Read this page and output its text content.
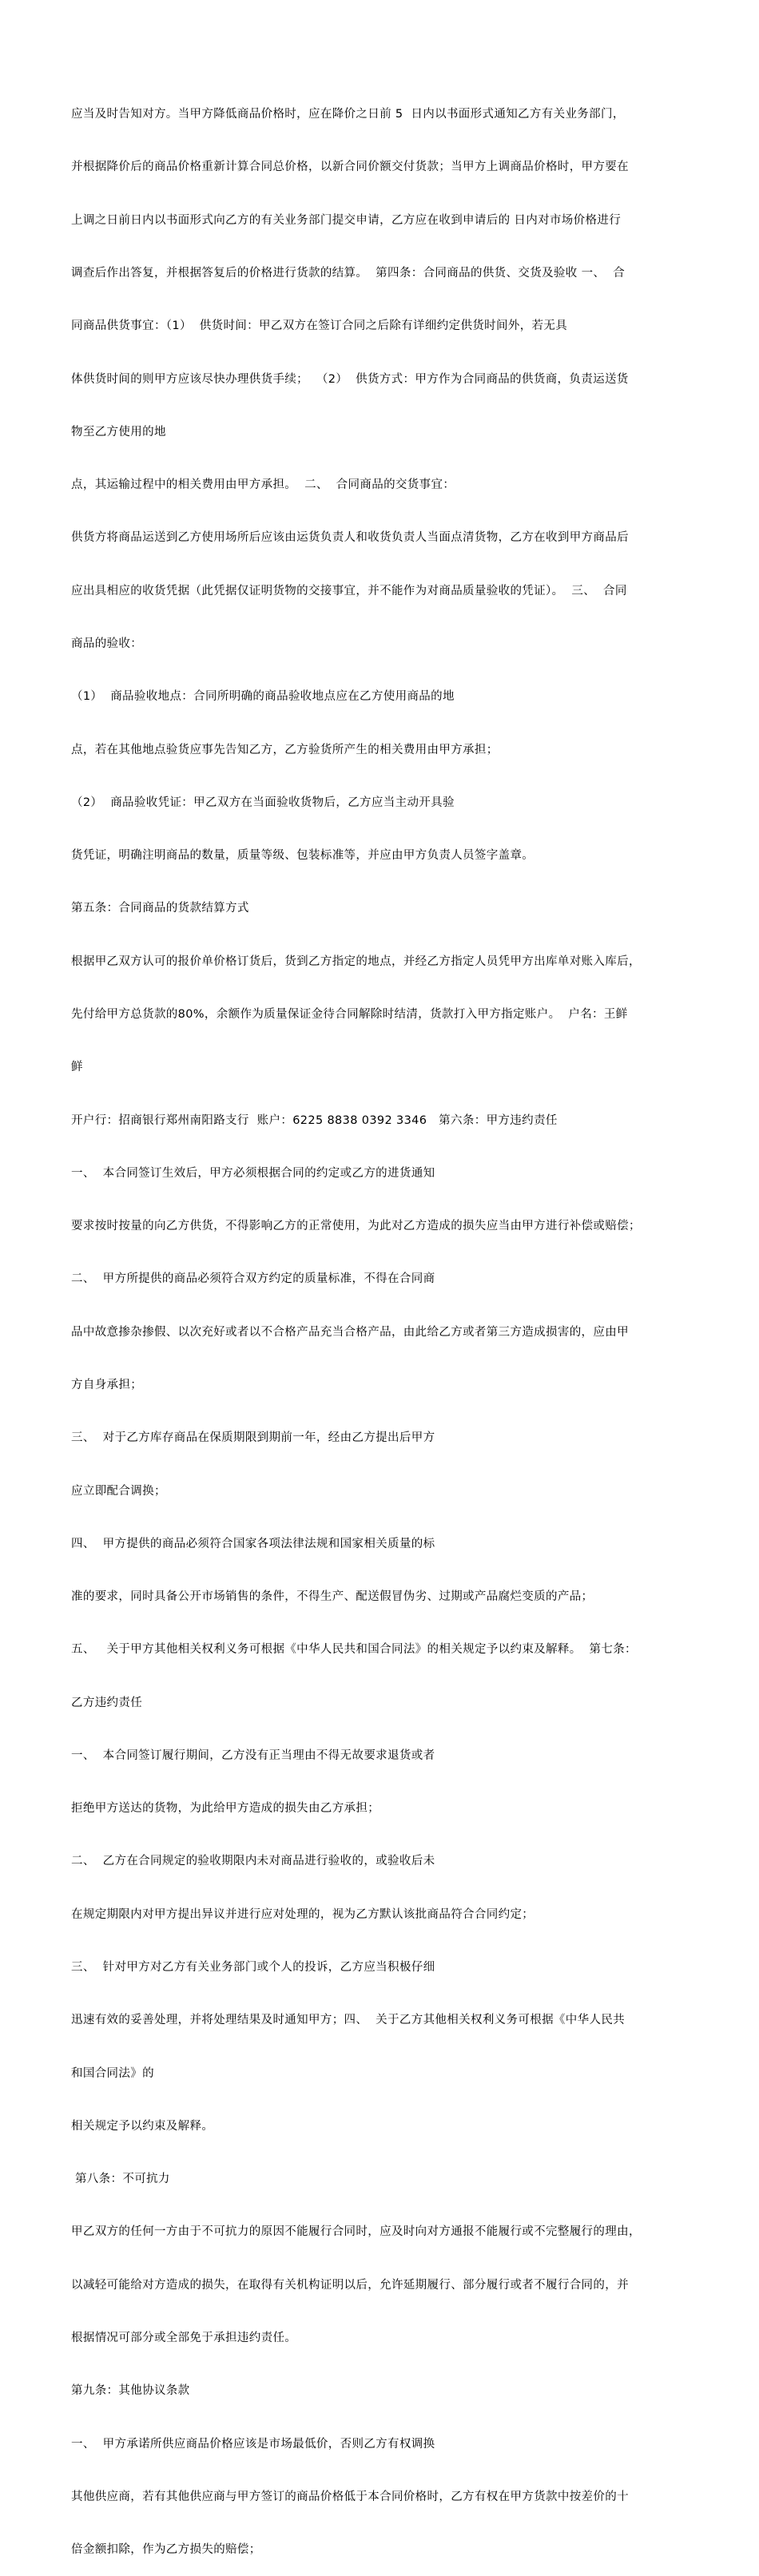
应当及时告知对方。当甲方降低商品价格时，应在降价之日前 5  日内以书面形式通知乙方有关业务部门，

并根据降价后的商品价格重新计算合同总价格，以新合同价额交付货款；当甲方上调商品价格时，甲方要在

上调之日前日内以书面形式向乙方的有关业务部门提交申请，乙方应在收到申请后的 日内对市场价格进行

调查后作出答复，并根据答复后的价格进行货款的结算。  第四条：合同商品的供货、交货及验收 一、  合

同商品供货事宜：（1）  供货时间：甲乙双方在签订合同之后除有详细约定供货时间外，若无具

体供货时间的则甲方应该尽快办理供货手续；  （2）  供货方式：甲方作为合同商品的供货商，负责运送货

物至乙方使用的地

点，其运输过程中的相关费用由甲方承担。  二、  合同商品的交货事宜：

供货方将商品运送到乙方使用场所后应该由运货负责人和收货负责人当面点清货物，乙方在收到甲方商品后

应出具相应的收货凭据（此凭据仅证明货物的交接事宜，并不能作为对商品质量验收的凭证）。  三、  合同

商品的验收：

（1）  商品验收地点：合同所明确的商品验收地点应在乙方使用商品的地

点，若在其他地点验货应事先告知乙方，乙方验货所产生的相关费用由甲方承担；

（2）  商品验收凭证：甲乙双方在当面验收货物后，乙方应当主动开具验

货凭证，明确注明商品的数量，质量等级、包装标准等，并应由甲方负责人员签字盖章。

第五条：合同商品的货款结算方式

根据甲乙双方认可的报价单价格订货后，货到乙方指定的地点，并经乙方指定人员凭甲方出库单对账入库后，

先付给甲方总货款的80%，余额作为质量保证金待合同解除时结清，货款打入甲方指定账户。  户名：王鲜

鲜

开户行：招商银行郑州南阳路支行  账户：6225 8838 0392 3346   第六条：甲方违约责任

一、  本合同签订生效后，甲方必须根据合同的约定或乙方的进货通知

要求按时按量的向乙方供货，不得影响乙方的正常使用，为此对乙方造成的损失应当由甲方进行补偿或赔偿；

二、  甲方所提供的商品必须符合双方约定的质量标准，不得在合同商

品中故意掺杂掺假、以次充好或者以不合格产品充当合格产品，由此给乙方或者第三方造成损害的，应由甲

方自身承担；

三、  对于乙方库存商品在保质期限到期前一年，经由乙方提出后甲方

应立即配合调换；

四、  甲方提供的商品必须符合国家各项法律法规和国家相关质量的标

准的要求，同时具备公开市场销售的条件，不得生产、配送假冒伪劣、过期或产品腐烂变质的产品；

五、   关于甲方其他相关权利义务可根据《中华人民共和国合同法》的相关规定予以约束及解释。  第七条：

乙方违约责任

一、  本合同签订履行期间，乙方没有正当理由不得无故要求退货或者

拒绝甲方送达的货物，为此给甲方造成的损失由乙方承担；

二、  乙方在合同规定的验收期限内未对商品进行验收的，或验收后未

在规定期限内对甲方提出异议并进行应对处理的，视为乙方默认该批商品符合合同约定；

三、  针对甲方对乙方有关业务部门或个人的投诉，乙方应当积极仔细

迅速有效的妥善处理，并将处理结果及时通知甲方；四、  关于乙方其他相关权利义务可根据《中华人民共

和国合同法》的

相关规定予以约束及解释。

第八条：不可抗力

甲乙双方的任何一方由于不可抗力的原因不能履行合同时，应及时向对方通报不能履行或不完整履行的理由，

以减轻可能给对方造成的损失，在取得有关机构证明以后，允许延期履行、部分履行或者不履行合同的，并

根据情况可部分或全部免于承担违约责任。

第九条：其他协议条款

一、  甲方承诺所供应商品价格应该是市场最低价，否则乙方有权调换

其他供应商，若有其他供应商与甲方签订的商品价格低于本合同价格时，乙方有权在甲方货款中按差价的十

倍金额扣除，作为乙方损失的赔偿；
